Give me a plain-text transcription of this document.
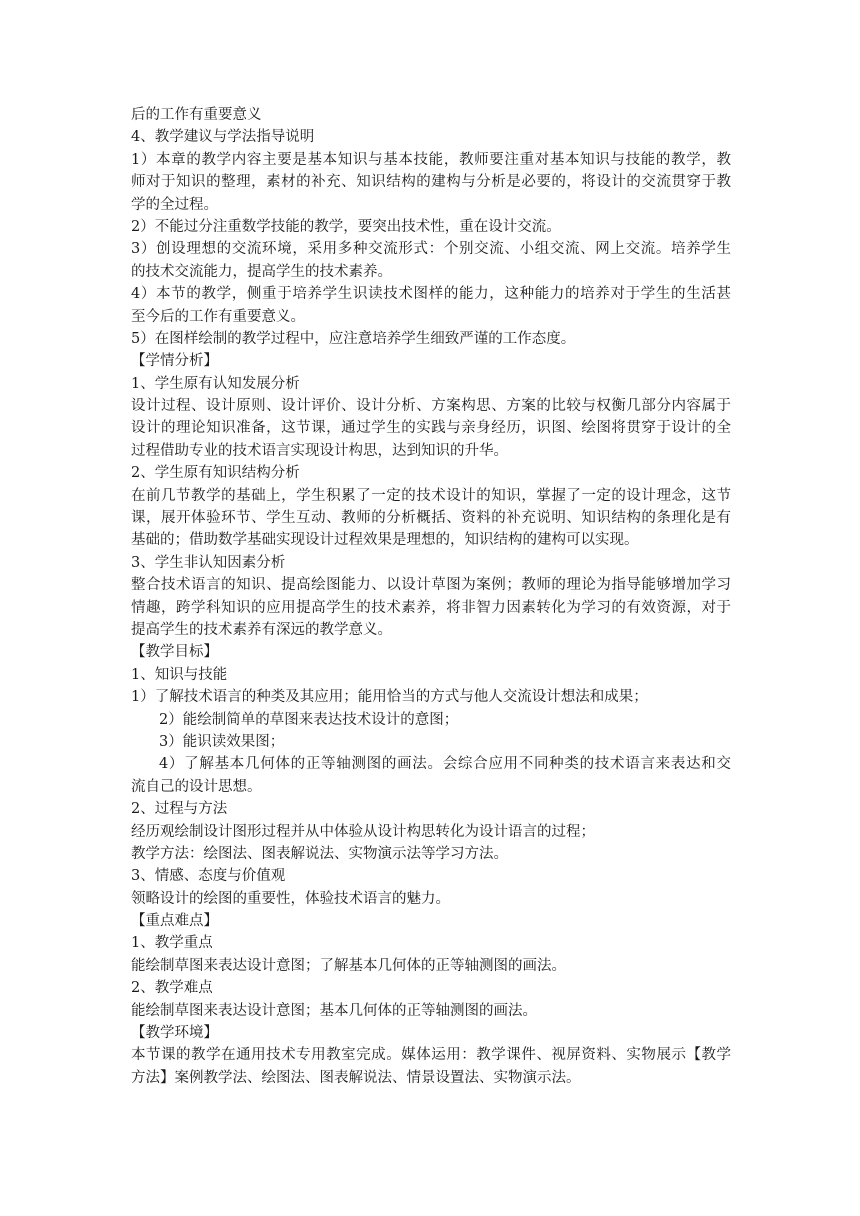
后的工作有重要意义
4、教学建议与学法指导说明
1）本章的教学内容主要是基本知识与基本技能，教师要注重对基本知识与技能的教学，教
师对于知识的整理，素材的补充、知识结构的建构与分析是必要的，将设计的交流贯穿于教
学的全过程。
2）不能过分注重数学技能的教学，要突出技术性，重在设计交流。
3）创设理想的交流环境，采用多种交流形式：个别交流、小组交流、网上交流。培养学生
的技术交流能力，提高学生的技术素养。
4）本节的教学，侧重于培养学生识读技术图样的能力，这种能力的培养对于学生的生活甚
至今后的工作有重要意义。
5）在图样绘制的教学过程中，应注意培养学生细致严谨的工作态度。
【学情分析】
1、学生原有认知发展分析
设计过程、设计原则、设计评价、设计分析、方案构思、方案的比较与权衡几部分内容属于
设计的理论知识准备，这节课，通过学生的实践与亲身经历，识图、绘图将贯穿于设计的全
过程借助专业的技术语言实现设计构思，达到知识的升华。
2、学生原有知识结构分析
在前几节教学的基础上，学生积累了一定的技术设计的知识，掌握了一定的设计理念，这节
课，展开体验环节、学生互动、教师的分析概括、资料的补充说明、知识结构的条理化是有
基础的；借助数学基础实现设计过程效果是理想的，知识结构的建构可以实现。
3、学生非认知因素分析
整合技术语言的知识、提高绘图能力、以设计草图为案例；教师的理论为指导能够增加学习
情趣，跨学科知识的应用提高学生的技术素养，将非智力因素转化为学习的有效资源，对于
提高学生的技术素养有深远的教学意义。
【教学目标】
1、知识与技能
1）了解技术语言的种类及其应用；能用恰当的方式与他人交流设计想法和成果；
2）能绘制简单的草图来表达技术设计的意图；
3）能识读效果图；
4）了解基本几何体的正等轴测图的画法。会综合应用不同种类的技术语言来表达和交
流自己的设计思想。
2、过程与方法
经历观绘制设计图形过程并从中体验从设计构思转化为设计语言的过程；
教学方法：绘图法、图表解说法、实物演示法等学习方法。
3、情感、态度与价值观
领略设计的绘图的重要性，体验技术语言的魅力。
【重点难点】
1、教学重点
能绘制草图来表达设计意图；了解基本几何体的正等轴测图的画法。
2、教学难点
能绘制草图来表达设计意图；基本几何体的正等轴测图的画法。
【教学环境】
本节课的教学在通用技术专用教室完成。媒体运用：教学课件、视屏资料、实物展示【教学
方法】案例教学法、绘图法、图表解说法、情景设置法、实物演示法。
